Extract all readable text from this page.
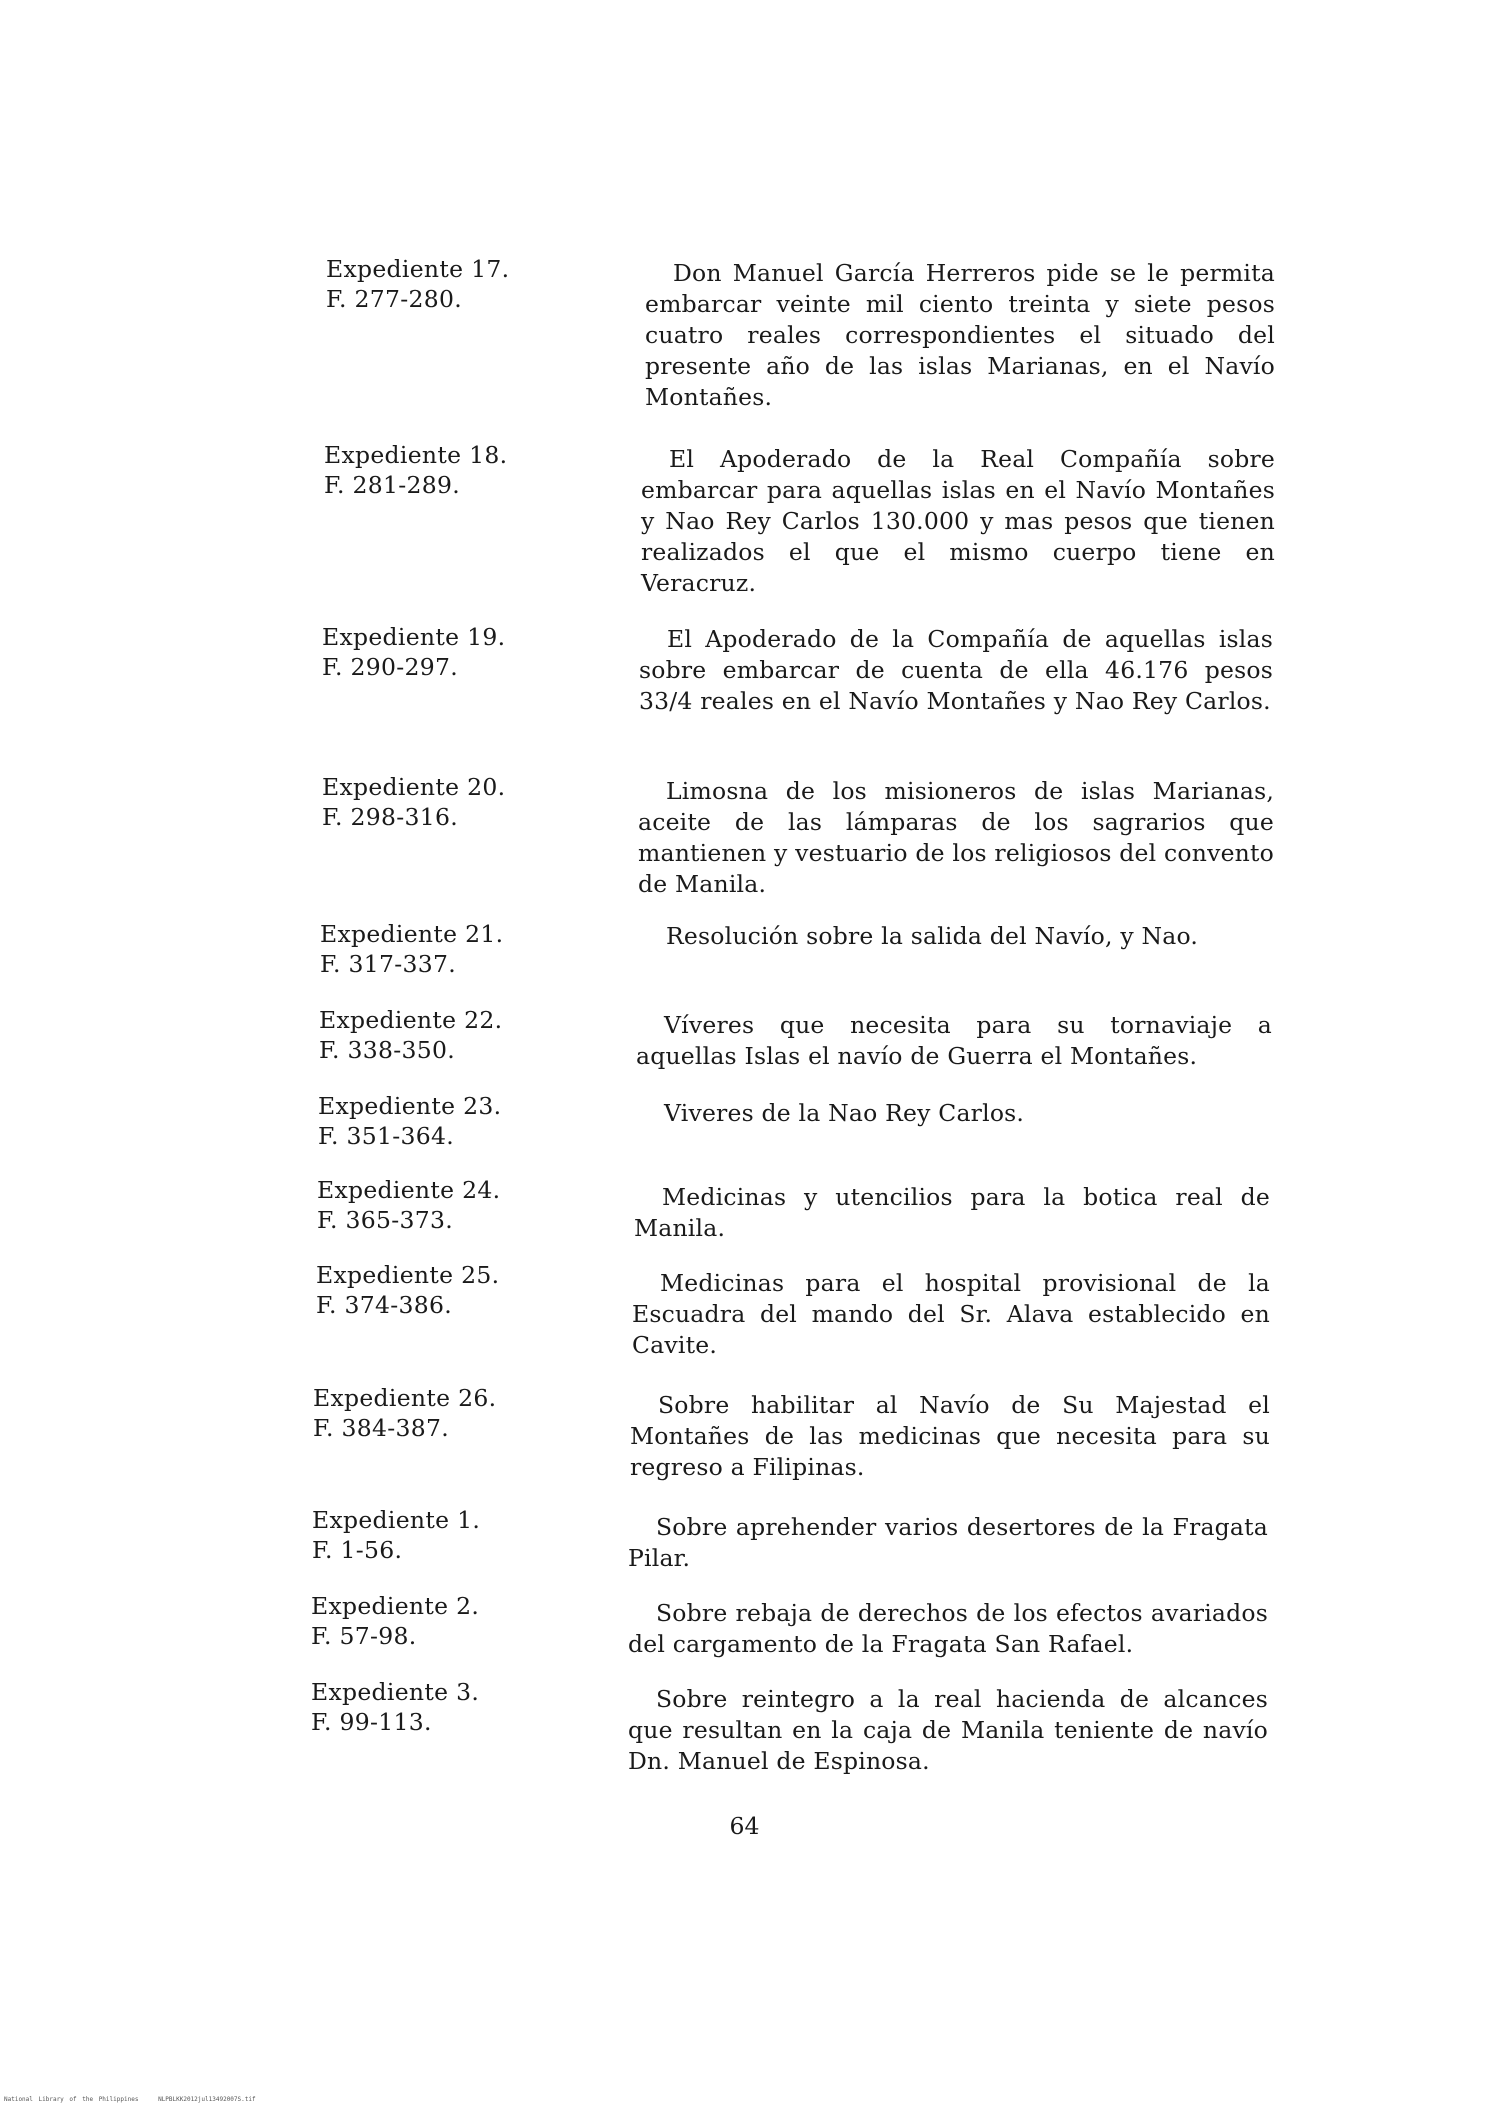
Expediente 17.
F. 277-280.
Don Manuel García Herreros pide se le permita embarcar veinte mil ciento treinta y siete pesos cuatro reales correspondientes el situado del presente año de las islas Marianas, en el Navío Montañes.
Expediente 18.
F. 281-289.
El Apoderado de la Real Compañía sobre embarcar para aquellas islas en el Navío Montañes y Nao Rey Carlos 130.000 y mas pesos que tienen realizados el que el mismo cuerpo tiene en Veracruz.
Expediente 19.
F. 290-297.
El Apoderado de la Compañía de aquellas islas sobre embarcar de cuenta de ella 46.176 pesos 33/4 reales en el Navío Montañes y Nao Rey Carlos.
Expediente 20.
F. 298-316.
Limosna de los misioneros de islas Marianas, aceite de las lámparas de los sagrarios que mantienen y vestuario de los religiosos del convento de Manila.
Expediente 21.
F. 317-337.
Resolución sobre la salida del Navío, y Nao.
Expediente 22.
F. 338-350.
Víveres que necesita para su tornaviaje a aquellas Islas el navío de Guerra el Montañes.
Expediente 23.
F. 351-364.
Viveres de la Nao Rey Carlos.
Expediente 24.
F. 365-373.
Medicinas y utencilios para la botica real de Manila.
Expediente 25.
F. 374-386.
Medicinas para el hospital provisional de la Escuadra del mando del Sr. Alava establecido en Cavite.
Expediente 26.
F. 384-387.
Sobre habilitar al Navío de Su Majestad el Montañes de las medicinas que necesita para su regreso a Filipinas.
Expediente 1.
F. 1-56.
Sobre aprehender varios desertores de la Fragata Pilar.
Expediente 2.
F. 57-98.
Sobre rebaja de derechos de los efectos avariados del cargamento de la Fragata San Rafael.
Expediente 3.
F. 99-113.
Sobre reintegro a la real hacienda de alcances que resultan en la caja de Manila teniente de navío Dn. Manuel de Espinosa.
64
National Library of the Philippines	NLPBLKK2012jul13492007S.tif
